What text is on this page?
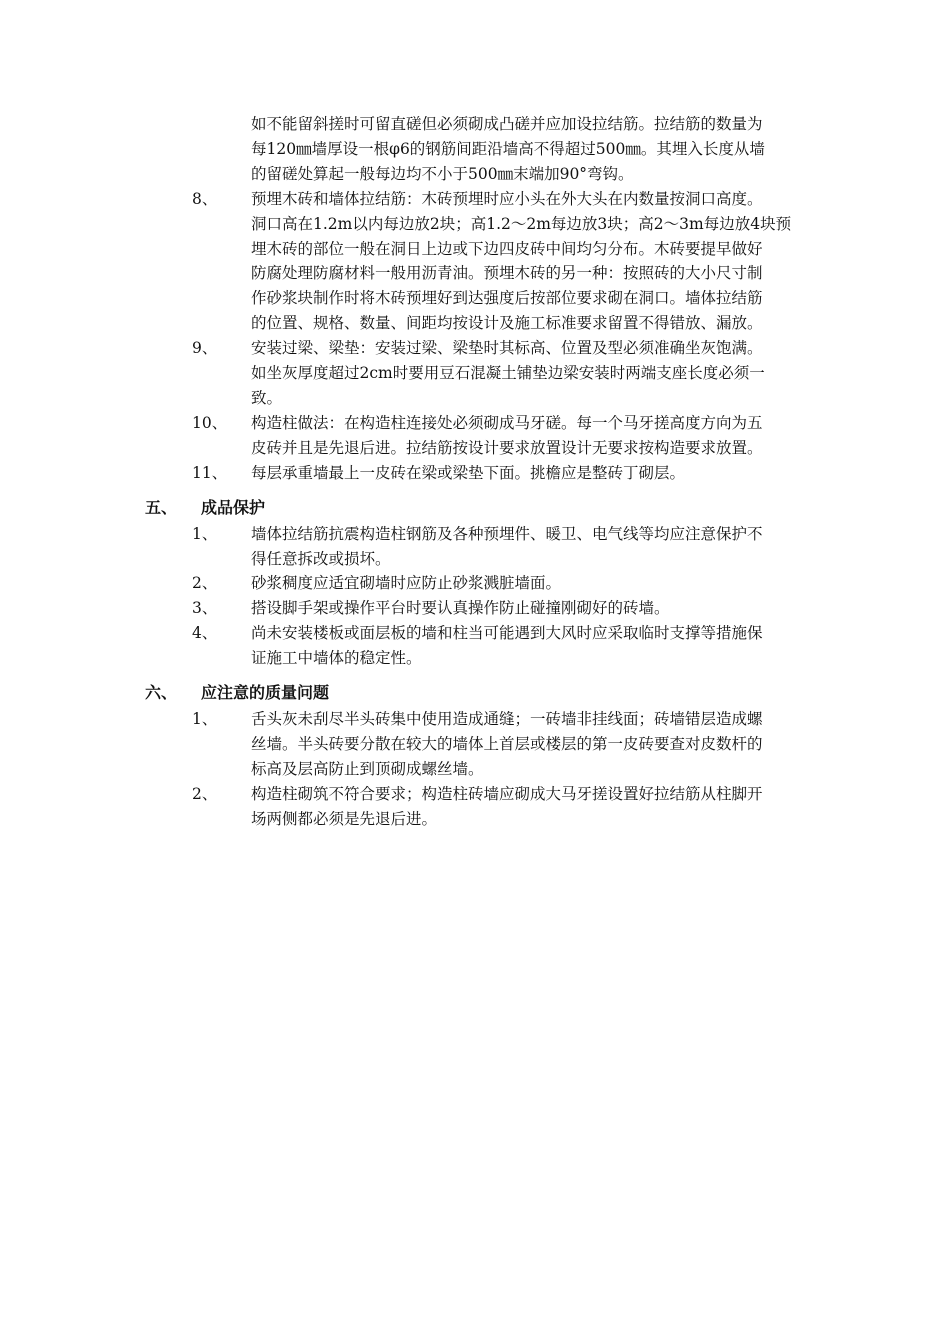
如不能留斜搓时可留直磋但必须砌成凸磋并应加设拉结筋。拉结筋的数量为
每120㎜墙厚设一根φ6的钢筋间距沿墙高不得超过500㎜。其埋入长度从墙
的留磋处算起一般每边均不小于500㎜末端加90°弯钩。
8、 预埋木砖和墙体拉结筋：木砖预埋时应小头在外大头在内数量按洞口高度。
洞口高在1.2m以内每边放2块；高1.2～2m每边放3块；高2～3m每边放4块预
埋木砖的部位一般在洞日上边或下边四皮砖中间均匀分布。木砖要提早做好
防腐处理防腐材料一般用沥青油。预埋木砖的另一种：按照砖的大小尺寸制
作砂浆块制作时将木砖预埋好到达强度后按部位要求砌在洞口。墙体拉结筋
的位置、规格、数量、间距均按设计及施工标准要求留置不得错放、漏放。
9、 安装过梁、梁垫：安装过梁、梁垫时其标高、位置及型必须准确坐灰饱满。
如坐灰厚度超过2cm时要用豆石混凝土铺垫边梁安装时两端支座长度必须一
致。
10、 构造柱做法：在构造柱连接处必须砌成马牙磋。每一个马牙搓高度方向为五
皮砖并且是先退后进。拉结筋按设计要求放置设计无要求按构造要求放置。
11、 每层承重墙最上一皮砖在梁或梁垫下面。挑檐应是整砖丁砌层。
五、 成品保护
1、 墙体拉结筋抗震构造柱钢筋及各种预埋件、暖卫、电气线等均应注意保护不
得任意拆改或损坏。
2、 砂浆稠度应适宜砌墙时应防止砂浆溅脏墙面。
3、 搭设脚手架或操作平台时要认真操作防止碰撞刚砌好的砖墙。
4、 尚未安装楼板或面层板的墙和柱当可能遇到大风时应采取临时支撑等措施保
证施工中墙体的稳定性。
六、 应注意的质量问题
1、 舌头灰未刮尽半头砖集中使用造成通缝；一砖墙非挂线面；砖墙错层造成螺
丝墙。半头砖要分散在较大的墙体上首层或楼层的第一皮砖要查对皮数杆的
标高及层高防止到顶砌成螺丝墙。
2、 构造柱砌筑不符合要求；构造柱砖墙应砌成大马牙搓设置好拉结筋从柱脚开
场两侧都必须是先退后进。
